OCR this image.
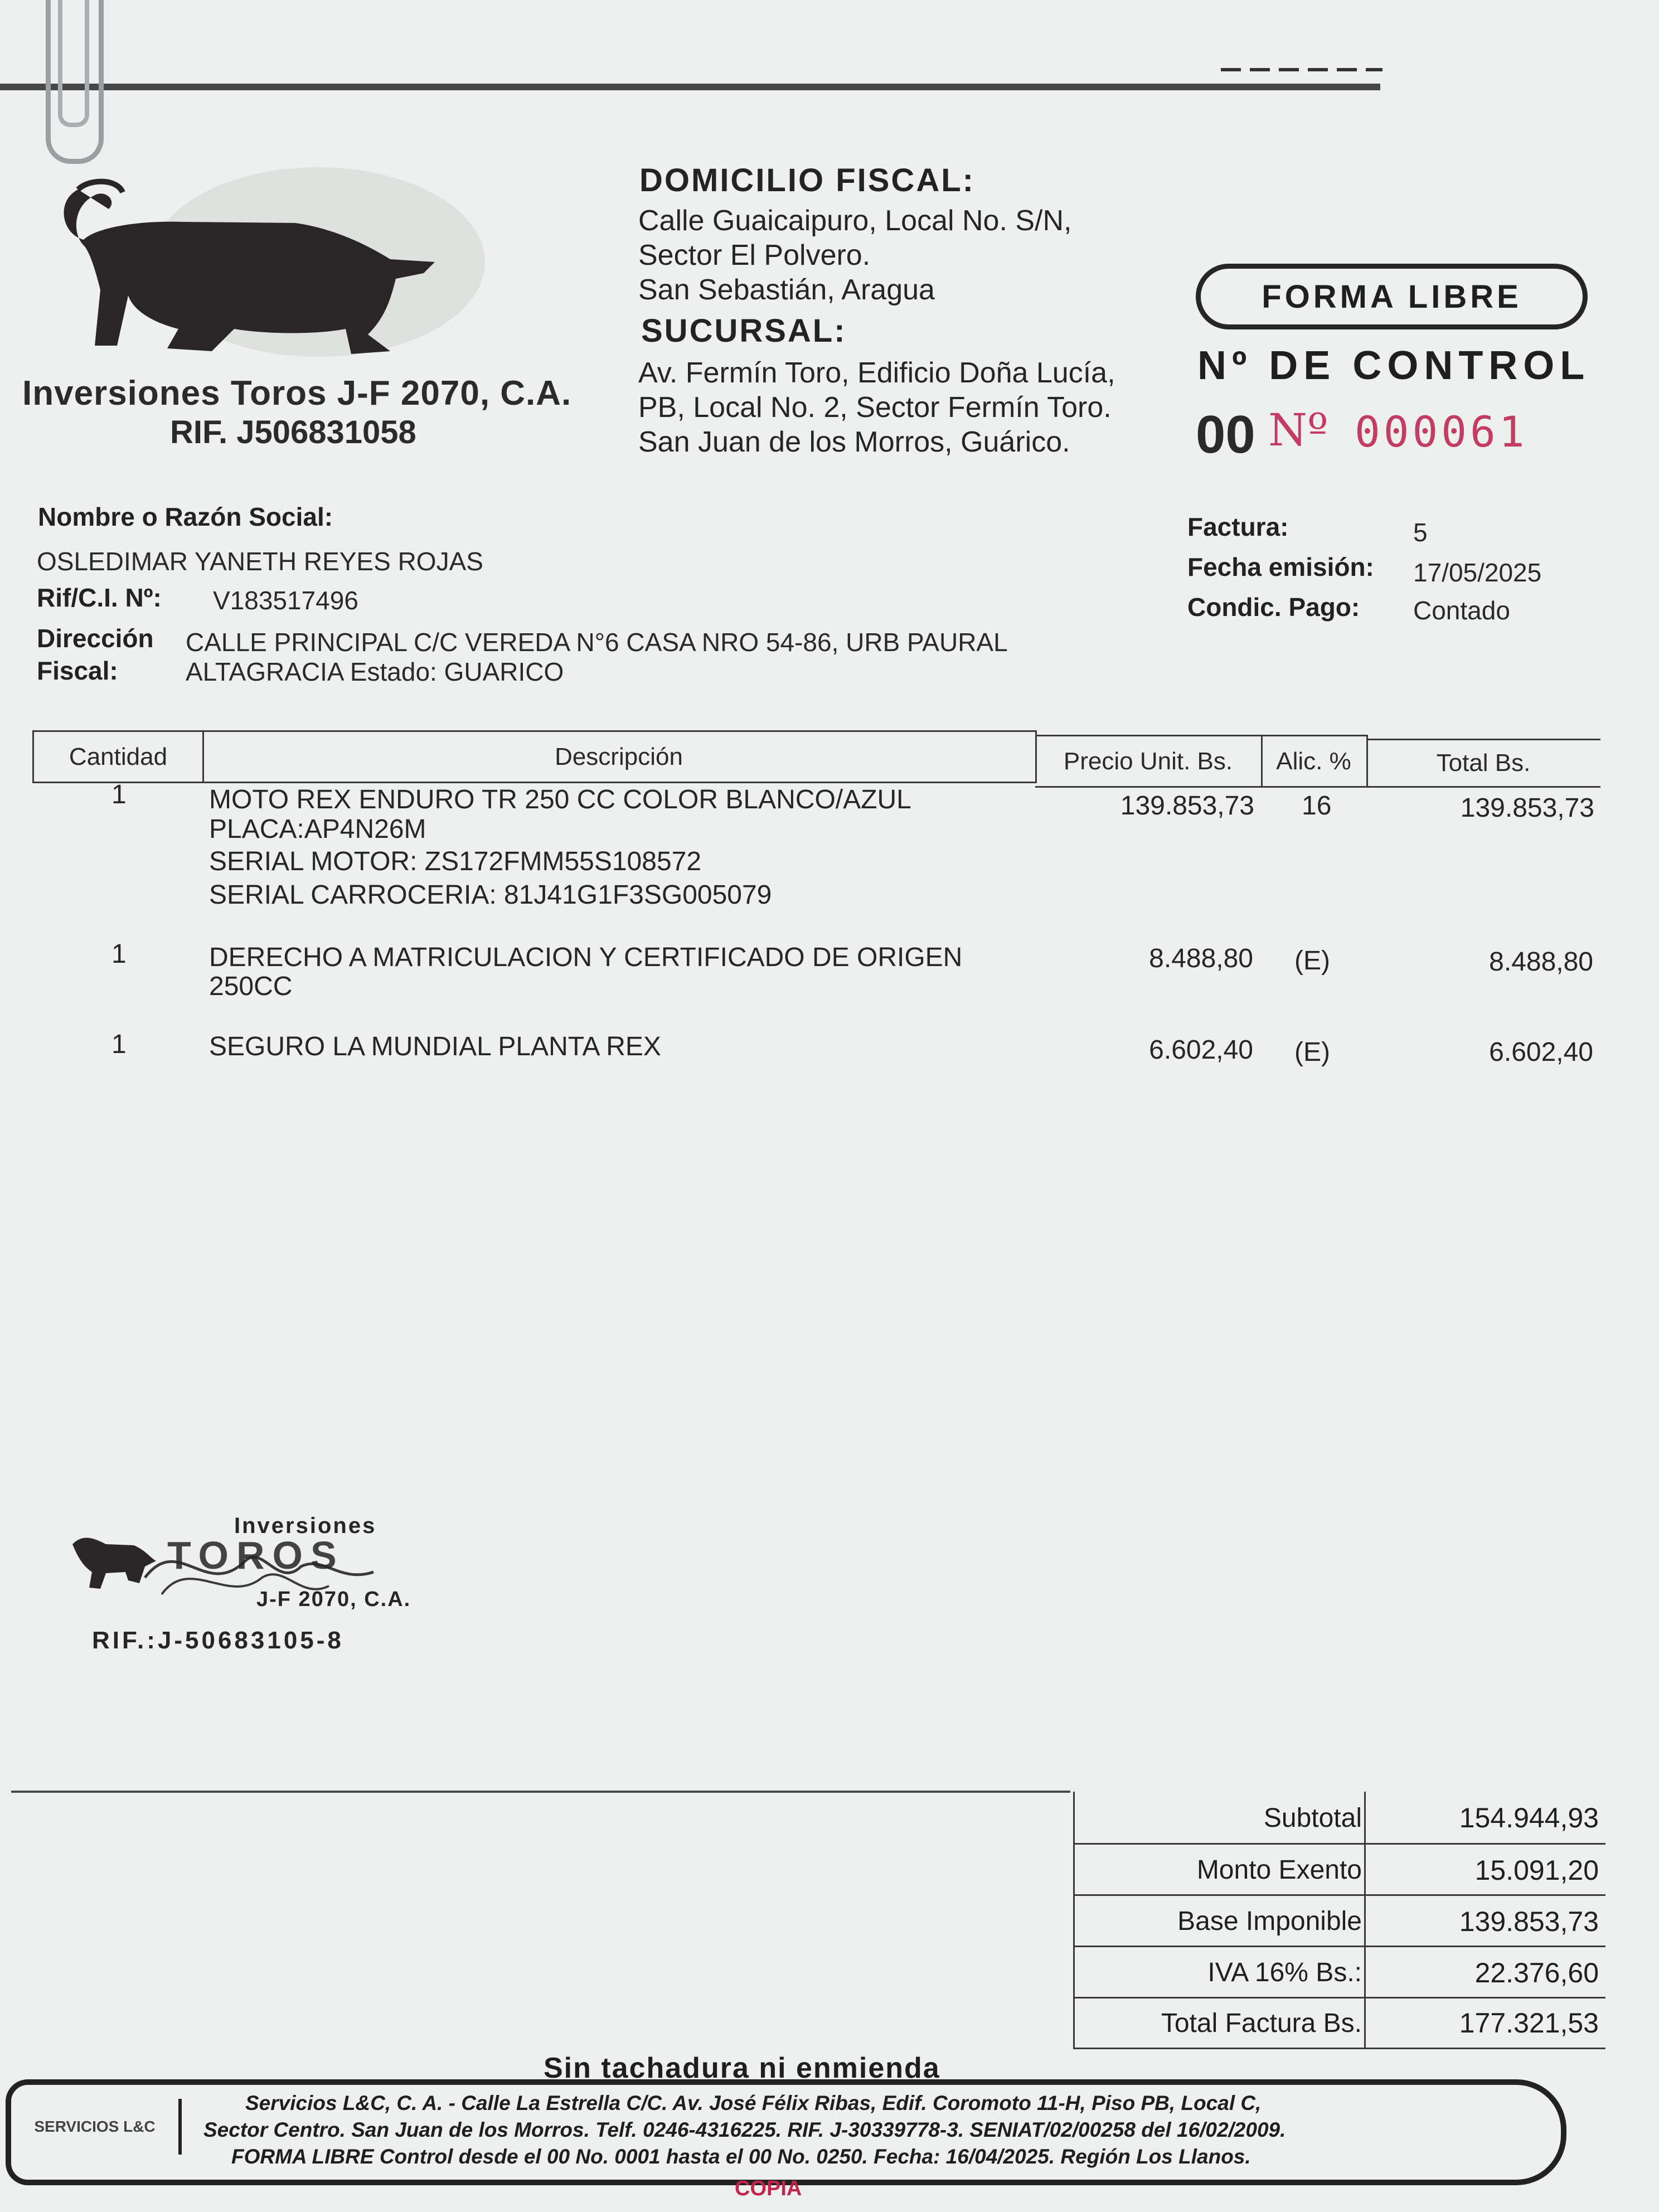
Inversiones Toros J-F 2070, C.A.
RIF. J506831058
DOMICILIO FISCAL:
Calle Guaicaipuro, Local No. S/N,
Sector El Polvero.
San Sebastián, Aragua
SUCURSAL:
Av. Fermín Toro, Edificio Doña Lucía,
PB, Local No. 2, Sector Fermín Toro.
San Juan de los Morros, Guárico.
FORMA LIBRE
Nº DE CONTROL
00 Nº 000061
Nombre o Razón Social:
OSLEDIMAR YANETH REYES ROJAS
Rif/C.I. Nº: V183517496
Dirección
Fiscal:
CALLE PRINCIPAL C/C VEREDA N°6 CASA NRO 54-86, URB PAURAL
ALTAGRACIA Estado: GUARICO
Factura:	5
Fecha emisión: 17/05/2025
Condic. Pago: Contado
Cantidad	Descripción	Precio Unit. Bs.	Alic. %	Total Bs.
1	MOTO REX ENDURO TR 250 CC COLOR BLANCO/AZUL
PLACA:AP4N26M
SERIAL MOTOR: ZS172FMM55S108572
SERIAL CARROCERIA: 81J41G1F3SG005079
139.853,73 16	139.853,73
1	DERECHO A MATRICULACION Y CERTIFICADO DE ORIGEN
250CC
8.488,80 (E)	8.488,80
1	SEGURO LA MUNDIAL PLANTA REX	6.602,40 (E)	6.602,40
Inversiones
TOROS
J-F 2070, C.A.
RIF.:J-50683105-8
Subtotal	154.944,93
Monto Exento	15.091,20
Base Imponible	139.853,73
IVA 16% Bs.:	22.376,60
Total Factura Bs.	177.321,53
Sin tachadura ni enmienda
SERVICIOS L&C
Servicios L&C, C. A. - Calle La Estrella C/C. Av. José Félix Ribas, Edif. Coromoto 11-H, Piso PB, Local C,
Sector Centro. San Juan de los Morros. Telf. 0246-4316225. RIF. J-30339778-3. SENIAT/02/00258 del 16/02/2009.
FORMA LIBRE Control desde el 00 No. 0001 hasta el 00 No. 0250. Fecha: 16/04/2025. Región Los Llanos.
COPIA
